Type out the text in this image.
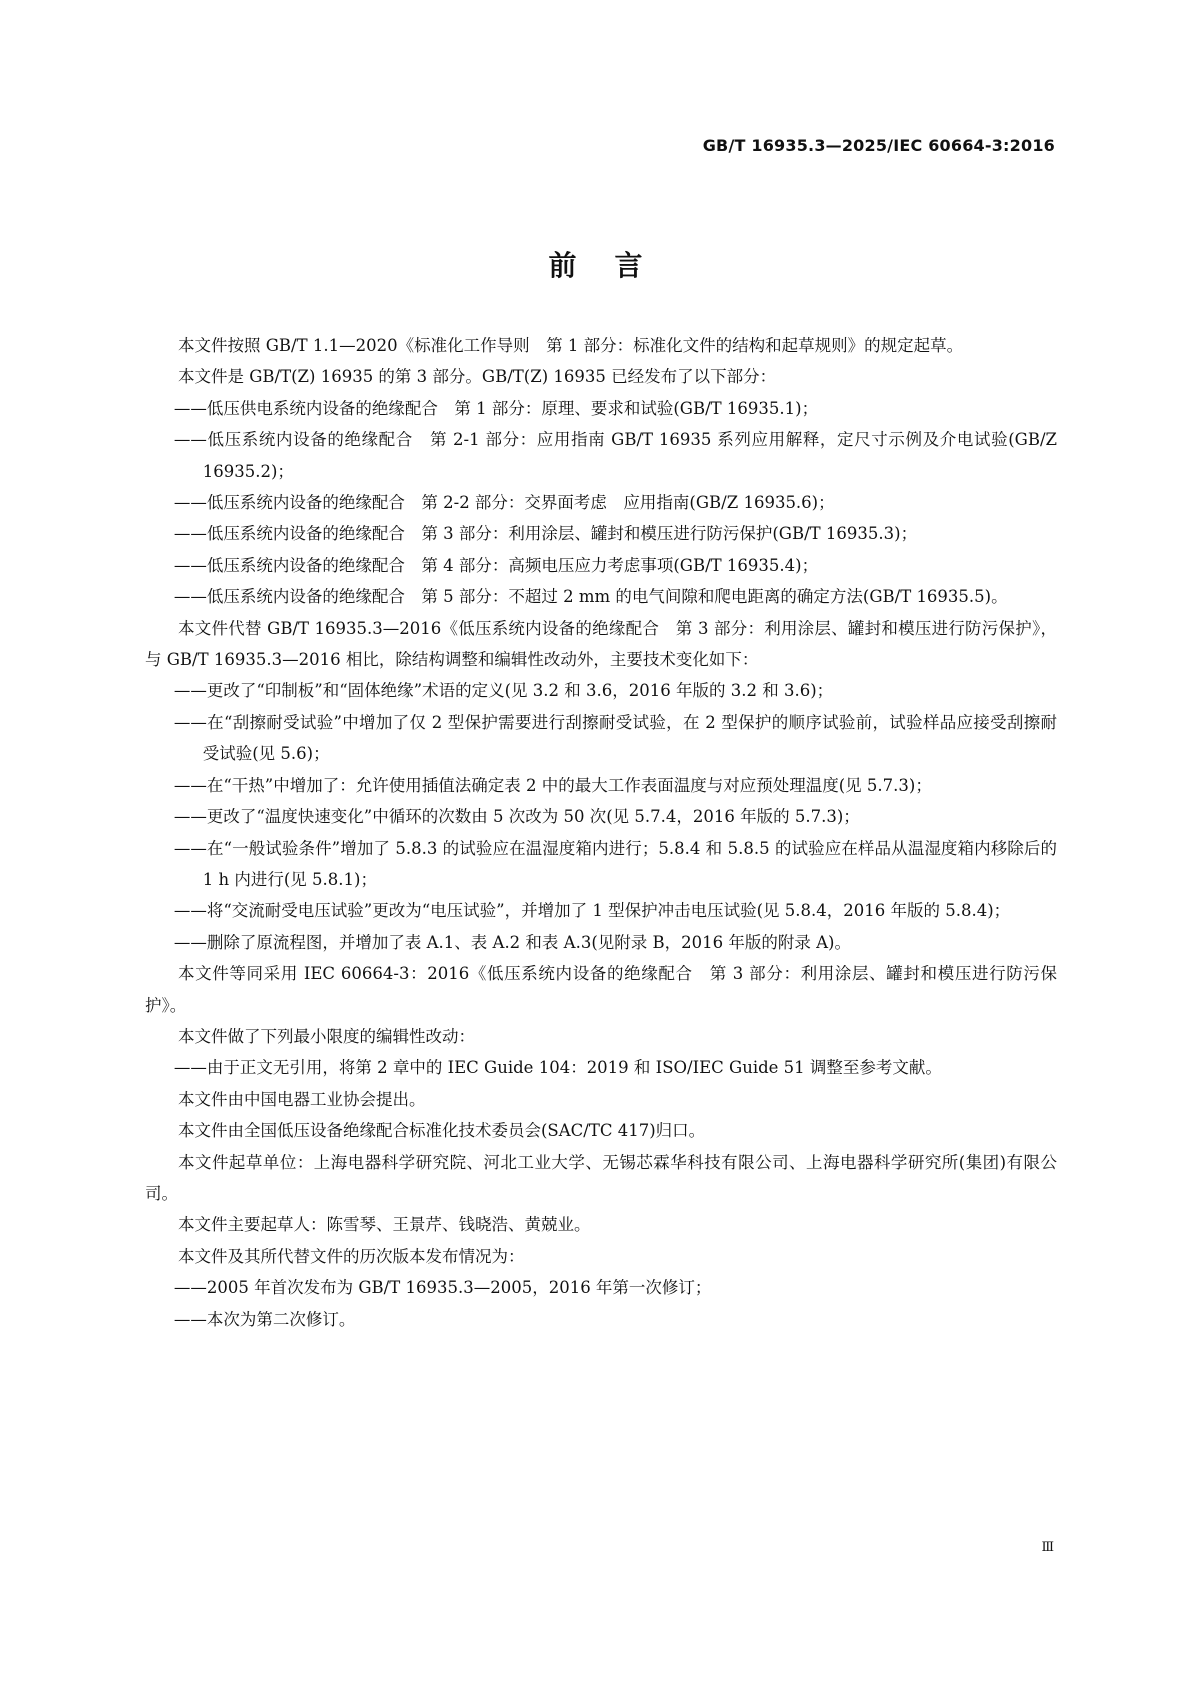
GB/T 16935.3—2025/IEC 60664-3:2016
前言
本文件按照 GB/T 1.1—2020《标准化工作导则　第 1 部分：标准化文件的结构和起草规则》的规定起草。
本文件是 GB/T(Z) 16935 的第 3 部分。GB/T(Z) 16935 已经发布了以下部分：
——低压供电系统内设备的绝缘配合　第 1 部分：原理、要求和试验(GB/T 16935.1)；
——低压系统内设备的绝缘配合　第 2-1 部分：应用指南 GB/T 16935 系列应用解释，定尺寸示例及介电试验(GB/Z 16935.2)；
——低压系统内设备的绝缘配合　第 2-2 部分：交界面考虑　应用指南(GB/Z 16935.6)；
——低压系统内设备的绝缘配合　第 3 部分：利用涂层、罐封和模压进行防污保护(GB/T 16935.3)；
——低压系统内设备的绝缘配合　第 4 部分：高频电压应力考虑事项(GB/T 16935.4)；
——低压系统内设备的绝缘配合　第 5 部分：不超过 2 mm 的电气间隙和爬电距离的确定方法(GB/T 16935.5)。
本文件代替 GB/T 16935.3—2016《低压系统内设备的绝缘配合　第 3 部分：利用涂层、罐封和模压进行防污保护》，与 GB/T 16935.3—2016 相比，除结构调整和编辑性改动外，主要技术变化如下：
——更改了“印制板”和“固体绝缘”术语的定义(见 3.2 和 3.6，2016 年版的 3.2 和 3.6)；
——在“刮擦耐受试验”中增加了仅 2 型保护需要进行刮擦耐受试验，在 2 型保护的顺序试验前，试验样品应接受刮擦耐受试验(见 5.6)；
——在“干热”中增加了：允许使用插值法确定表 2 中的最大工作表面温度与对应预处理温度(见 5.7.3)；
——更改了“温度快速变化”中循环的次数由 5 次改为 50 次(见 5.7.4，2016 年版的 5.7.3)；
——在“一般试验条件”增加了 5.8.3 的试验应在温湿度箱内进行；5.8.4 和 5.8.5 的试验应在样品从温湿度箱内移除后的 1 h 内进行(见 5.8.1)；
——将“交流耐受电压试验”更改为“电压试验”，并增加了 1 型保护冲击电压试验(见 5.8.4，2016 年版的 5.8.4)；
——删除了原流程图，并增加了表 A.1、表 A.2 和表 A.3(见附录 B，2016 年版的附录 A)。
本文件等同采用 IEC 60664-3：2016《低压系统内设备的绝缘配合　第 3 部分：利用涂层、罐封和模压进行防污保护》。
本文件做了下列最小限度的编辑性改动：
——由于正文无引用，将第 2 章中的 IEC Guide 104：2019 和 ISO/IEC Guide 51 调整至参考文献。
本文件由中国电器工业协会提出。
本文件由全国低压设备绝缘配合标准化技术委员会(SAC/TC 417)归口。
本文件起草单位：上海电器科学研究院、河北工业大学、无锡芯霖华科技有限公司、上海电器科学研究所(集团)有限公司。
本文件主要起草人：陈雪琴、王景芹、钱晓浩、黄兢业。
本文件及其所代替文件的历次版本发布情况为：
——2005 年首次发布为 GB/T 16935.3—2005，2016 年第一次修订；
——本次为第二次修订。
Ⅲ
